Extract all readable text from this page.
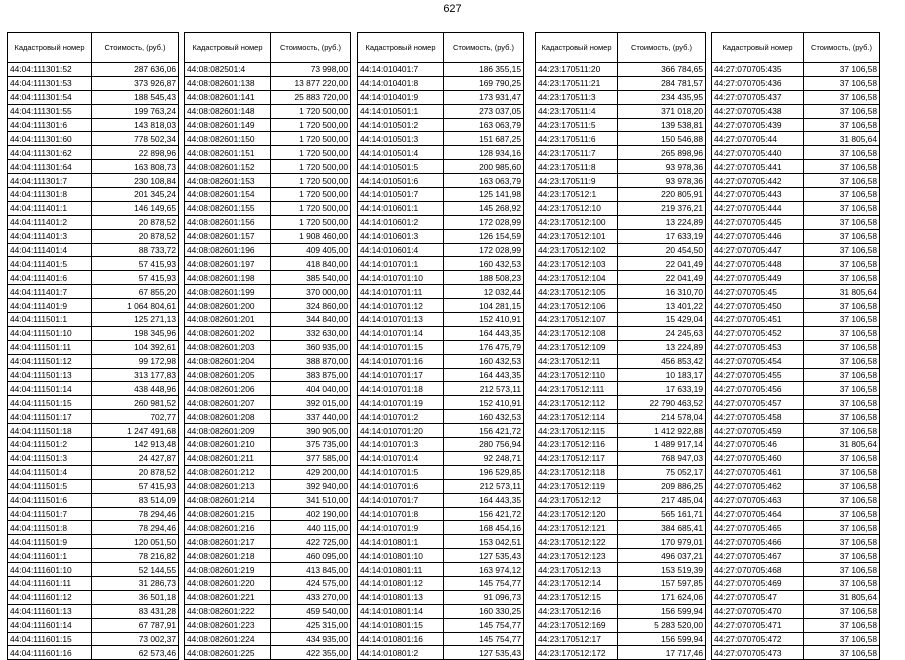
627
Кадастровый номер	Стоимость, (руб.)
44:04:111301:52	287 636,06
44:04:111301:53	373 926,87
44:04:111301:54	188 545,43
44:04:111301:55	199 763,24
44:04:111301:6	143 818,03
44:04:111301:60	778 502,34
44:04:111301:62	22 898,96
44:04:111301:64	163 808,73
44:04:111301:7	230 108,84
44:04:111301:8	201 345,24
44:04:111401:1	146 149,65
44:04:111401:2	20 878,52
44:04:111401:3	20 878,52
44:04:111401:4	88 733,72
44:04:111401:5	57 415,93
44:04:111401:6	57 415,93
44:04:111401:7	67 855,20
44:04:111401:9	1 064 804,61
44:04:111501:1	125 271,13
44:04:111501:10	198 345,96
44:04:111501:11	104 392,61
44:04:111501:12	99 172,98
44:04:111501:13	313 177,83
44:04:111501:14	438 448,96
44:04:111501:15	260 981,52
44:04:111501:17	702,77
44:04:111501:18	1 247 491,68
44:04:111501:2	142 913,48
44:04:111501:3	24 427,87
44:04:111501:4	20 878,52
44:04:111501:5	57 415,93
44:04:111501:6	83 514,09
44:04:111501:7	78 294,46
44:04:111501:8	78 294,46
44:04:111501:9	120 051,50
44:04:111601:1	78 216,82
44:04:111601:10	52 144,55
44:04:111601:11	31 286,73
44:04:111601:12	36 501,18
44:04:111601:13	83 431,28
44:04:111601:14	67 787,91
44:04:111601:15	73 002,37
44:04:111601:16	62 573,46
Кадастровый номер	Стоимость, (руб.)
44:08:082501:4	73 998,00
44:08:082601:138	13 877 220,00
44:08:082601:141	25 883 720,00
44:08:082601:148	1 720 500,00
44:08:082601:149	1 720 500,00
44:08:082601:150	1 720 500,00
44:08:082601:151	1 720 500,00
44:08:082601:152	1 720 500,00
44:08:082601:153	1 720 500,00
44:08:082601:154	1 720 500,00
44:08:082601:155	1 720 500,00
44:08:082601:156	1 720 500,00
44:08:082601:157	1 908 460,00
44:08:082601:196	409 405,00
44:08:082601:197	418 840,00
44:08:082601:198	385 540,00
44:08:082601:199	370 000,00
44:08:082601:200	324 860,00
44:08:082601:201	344 840,00
44:08:082601:202	332 630,00
44:08:082601:203	360 935,00
44:08:082601:204	388 870,00
44:08:082601:205	383 875,00
44:08:082601:206	404 040,00
44:08:082601:207	392 015,00
44:08:082601:208	337 440,00
44:08:082601:209	390 905,00
44:08:082601:210	375 735,00
44:08:082601:211	377 585,00
44:08:082601:212	429 200,00
44:08:082601:213	392 940,00
44:08:082601:214	341 510,00
44:08:082601:215	402 190,00
44:08:082601:216	440 115,00
44:08:082601:217	422 725,00
44:08:082601:218	460 095,00
44:08:082601:219	413 845,00
44:08:082601:220	424 575,00
44:08:082601:221	433 270,00
44:08:082601:222	459 540,00
44:08:082601:223	425 315,00
44:08:082601:224	434 935,00
44:08:082601:225	422 355,00
Кадастровый номер	Стоимость, (руб.)
44:14:010401:7	186 355,15
44:14:010401:8	169 790,25
44:14:010401:9	173 931,47
44:14:010501:1	273 037,05
44:14:010501:2	163 063,79
44:14:010501:3	151 687,25
44:14:010501:4	128 934,16
44:14:010501:5	200 985,60
44:14:010501:6	163 063,79
44:14:010501:7	125 141,98
44:14:010601:1	145 268,92
44:14:010601:2	172 028,99
44:14:010601:3	126 154,59
44:14:010601:4	172 028,99
44:14:010701:1	160 432,53
44:14:010701:10	188 508,23
44:14:010701:11	12 032,44
44:14:010701:12	104 281,15
44:14:010701:13	152 410,91
44:14:010701:14	164 443,35
44:14:010701:15	176 475,79
44:14:010701:16	160 432,53
44:14:010701:17	164 443,35
44:14:010701:18	212 573,11
44:14:010701:19	152 410,91
44:14:010701:2	160 432,53
44:14:010701:20	156 421,72
44:14:010701:3	280 756,94
44:14:010701:4	92 248,71
44:14:010701:5	196 529,85
44:14:010701:6	212 573,11
44:14:010701:7	164 443,35
44:14:010701:8	156 421,72
44:14:010701:9	168 454,16
44:14:010801:1	153 042,51
44:14:010801:10	127 535,43
44:14:010801:11	163 974,12
44:14:010801:12	145 754,77
44:14:010801:13	91 096,73
44:14:010801:14	160 330,25
44:14:010801:15	145 754,77
44:14:010801:16	145 754,77
44:14:010801:2	127 535,43
Кадастровый номер	Стоимость, (руб.)
44:23:170511:20	366 784,65
44:23:170511:21	284 781,57
44:23:170511:3	234 435,95
44:23:170511:4	371 018,20
44:23:170511:5	139 538,81
44:23:170511:6	150 546,88
44:23:170511:7	265 898,96
44:23:170511:8	93 978,36
44:23:170511:9	93 978,36
44:23:170512:1	220 805,91
44:23:170512:10	219 376,21
44:23:170512:100	13 224,89
44:23:170512:101	17 633,19
44:23:170512:102	20 454,50
44:23:170512:103	22 041,49
44:23:170512:104	22 041,49
44:23:170512:105	16 310,70
44:23:170512:106	13 401,22
44:23:170512:107	15 429,04
44:23:170512:108	24 245,63
44:23:170512:109	13 224,89
44:23:170512:11	456 853,42
44:23:170512:110	10 183,17
44:23:170512:111	17 633,19
44:23:170512:112	22 790 463,52
44:23:170512:114	214 578,04
44:23:170512:115	1 412 922,88
44:23:170512:116	1 489 917,14
44:23:170512:117	768 947,03
44:23:170512:118	75 052,17
44:23:170512:119	209 886,25
44:23:170512:12	217 485,04
44:23:170512:120	565 161,71
44:23:170512:121	384 685,41
44:23:170512:122	170 979,01
44:23:170512:123	496 037,21
44:23:170512:13	153 519,39
44:23:170512:14	157 597,85
44:23:170512:15	171 624,06
44:23:170512:16	156 599,94
44:23:170512:169	5 283 520,00
44:23:170512:17	156 599,94
44:23:170512:172	17 717,46
Кадастровый номер	Стоимость, (руб.)
44:27:070705:435	37 106,58
44:27:070705:436	37 106,58
44:27:070705:437	37 106,58
44:27:070705:438	37 106,58
44:27:070705:439	37 106,58
44:27:070705:44	31 805,64
44:27:070705:440	37 106,58
44:27:070705:441	37 106,58
44:27:070705:442	37 106,58
44:27:070705:443	37 106,58
44:27:070705:444	37 106,58
44:27:070705:445	37 106,58
44:27:070705:446	37 106,58
44:27:070705:447	37 106,58
44:27:070705:448	37 106,58
44:27:070705:449	37 106,58
44:27:070705:45	31 805,64
44:27:070705:450	37 106,58
44:27:070705:451	37 106,58
44:27:070705:452	37 106,58
44:27:070705:453	37 106,58
44:27:070705:454	37 106,58
44:27:070705:455	37 106,58
44:27:070705:456	37 106,58
44:27:070705:457	37 106,58
44:27:070705:458	37 106,58
44:27:070705:459	37 106,58
44:27:070705:46	31 805,64
44:27:070705:460	37 106,58
44:27:070705:461	37 106,58
44:27:070705:462	37 106,58
44:27:070705:463	37 106,58
44:27:070705:464	37 106,58
44:27:070705:465	37 106,58
44:27:070705:466	37 106,58
44:27:070705:467	37 106,58
44:27:070705:468	37 106,58
44:27:070705:469	37 106,58
44:27:070705:47	31 805,64
44:27:070705:470	37 106,58
44:27:070705:471	37 106,58
44:27:070705:472	37 106,58
44:27:070705:473	37 106,58
